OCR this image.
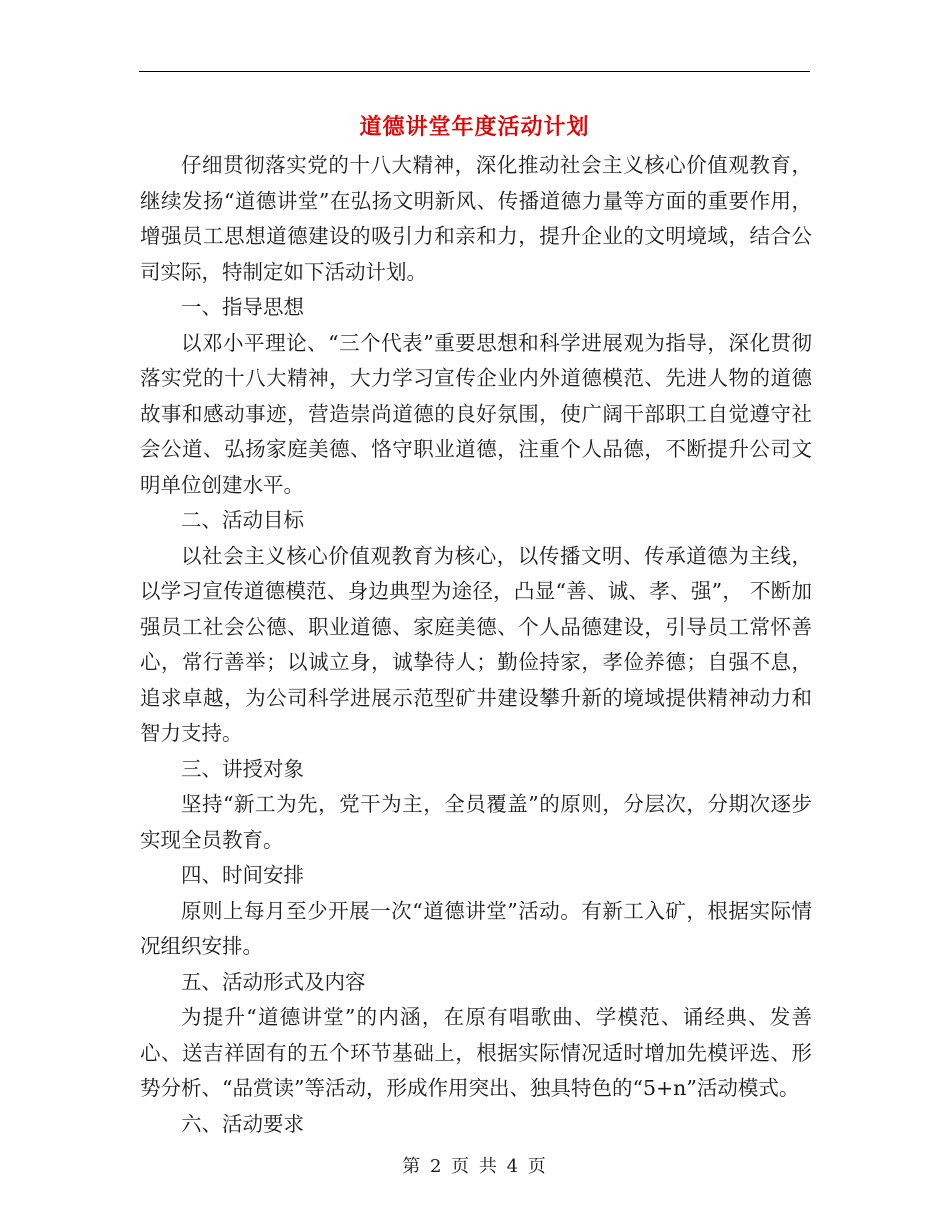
道德讲堂年度活动计划

仔细贯彻落实党的十八大精神，深化推动社会主义核心价值观教育，继续发扬“道德讲堂”在弘扬文明新风、传播道德力量等方面的重要作用，增强员工思想道德建设的吸引力和亲和力，提升企业的文明境域，结合公司实际，特制定如下活动计划。

一、指导思想

以邓小平理论、“三个代表”重要思想和科学进展观为指导，深化贯彻落实党的十八大精神，大力学习宣传企业内外道德模范、先进人物的道德故事和感动事迹，营造崇尚道德的良好氛围，使广阔干部职工自觉遵守社会公道、弘扬家庭美德、恪守职业道德，注重个人品德，不断提升公司文明单位创建水平。

二、活动目标

以社会主义核心价值观教育为核心，以传播文明、传承道德为主线，以学习宣传道德模范、身边典型为途径，凸显“善、诚、孝、强”， 不断加强员工社会公德、职业道德、家庭美德、个人品德建设，引导员工常怀善心，常行善举；以诚立身，诚挚待人；勤俭持家，孝俭养德；自强不息，追求卓越，为公司科学进展示范型矿井建设攀升新的境域提供精神动力和智力支持。

三、讲授对象

坚持“新工为先，党干为主，全员覆盖”的原则，分层次，分期次逐步实现全员教育。

四、时间安排

原则上每月至少开展一次“道德讲堂”活动。有新工入矿，根据实际情况组织安排。

五、活动形式及内容

为提升“道德讲堂”的内涵，在原有唱歌曲、学模范、诵经典、发善心、送吉祥固有的五个环节基础上，根据实际情况适时增加先模评选、形势分析、“品赏读”等活动，形成作用突出、独具特色的“5+n”活动模式。

六、活动要求

第 2 页 共 4 页
